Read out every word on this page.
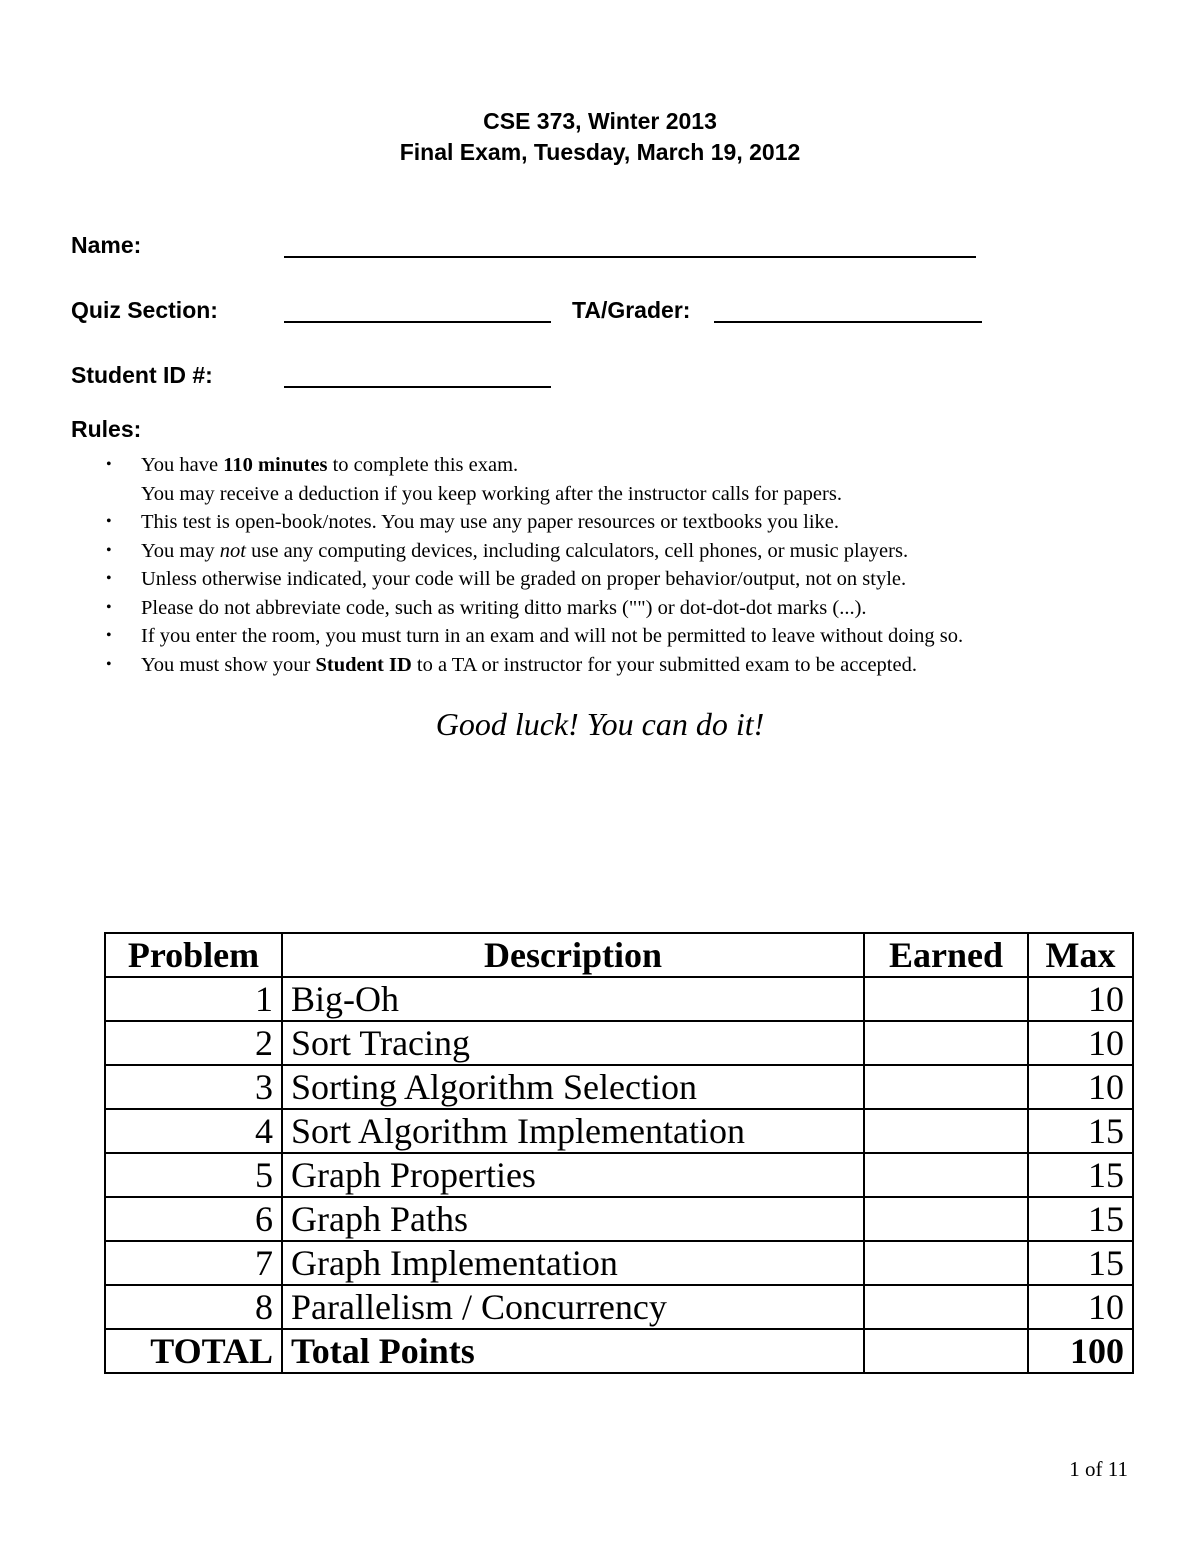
CSE 373, Winter 2013
Final Exam, Tuesday, March 19, 2012
Name:
Quiz Section:	TA/Grader:
Student ID #:
Rules:
• You have 110 minutes to complete this exam.
You may receive a deduction if you keep working after the instructor calls for papers.
• This test is open-book/notes. You may use any paper resources or textbooks you like.
• You may not use any computing devices, including calculators, cell phones, or music players.
• Unless otherwise indicated, your code will be graded on proper behavior/output, not on style.
• Please do not abbreviate code, such as writing ditto marks ("") or dot-dot-dot marks (...).
• If you enter the room, you must turn in an exam and will not be permitted to leave without doing so.
• You must show your Student ID to a TA or instructor for your submitted exam to be accepted.
Good luck! You can do it!
Problem	Description	Earned	Max
1	Big-Oh		10
2	Sort Tracing		10
3	Sorting Algorithm Selection		10
4	Sort Algorithm Implementation		15
5	Graph Properties		15
6	Graph Paths		15
7	Graph Implementation		15
8	Parallelism / Concurrency		10
TOTAL	Total Points		100
1 of 11
